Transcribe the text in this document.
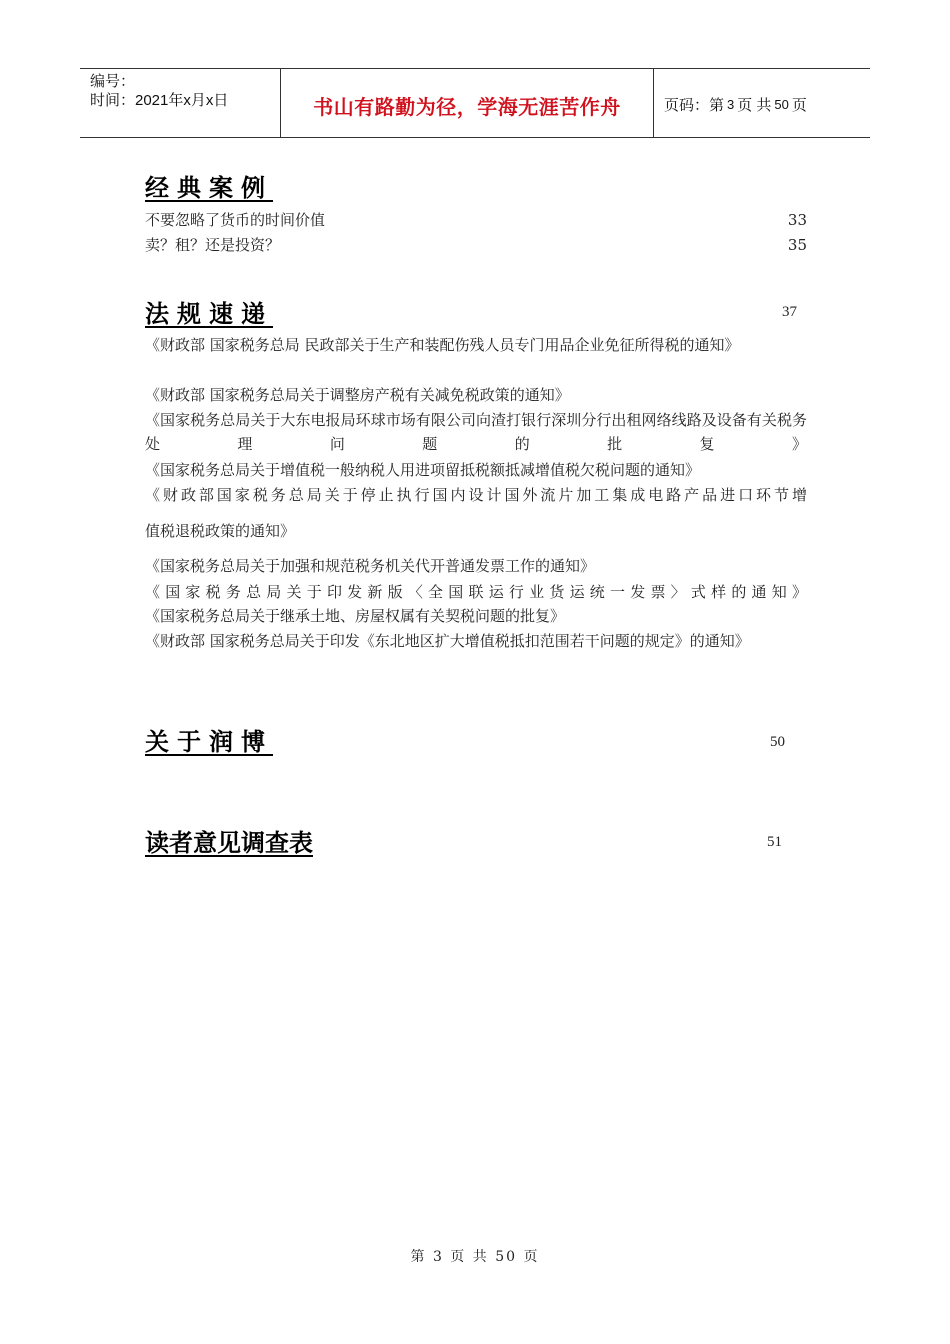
编号：
时间：2021年x月x日	书山有路勤为径，学海无涯苦作舟	页码：第 3 页 共 50 页
经典案例
不要忽略了货币的时间价值	33
卖？租？还是投资？	35
法规速递	37
《财政部 国家税务总局 民政部关于生产和装配伤残人员专门用品企业免征所得税的通知》
《财政部 国家税务总局关于调整房产税有关减免税政策的通知》
《国家税务总局关于大东电报局环球市场有限公司向渣打银行深圳分行出租网络线路及设备有关税务处理问题的批复》
《国家税务总局关于增值税一般纳税人用进项留抵税额抵减增值税欠税问题的通知》
《财政部国家税务总局关于停止执行国内设计国外流片加工集成电路产品进口环节增
值税退税政策的通知》
《国家税务总局关于加强和规范税务机关代开普通发票工作的通知》
《国家税务总局关于印发新版〈全国联运行业货运统一发票〉式样的通知》
《国家税务总局关于继承土地、房屋权属有关契税问题的批复》
《财政部 国家税务总局关于印发《东北地区扩大增值税抵扣范围若干问题的规定》的通知》
关于润博	50
读者意见调查表	51
第 3 页 共 50 页
